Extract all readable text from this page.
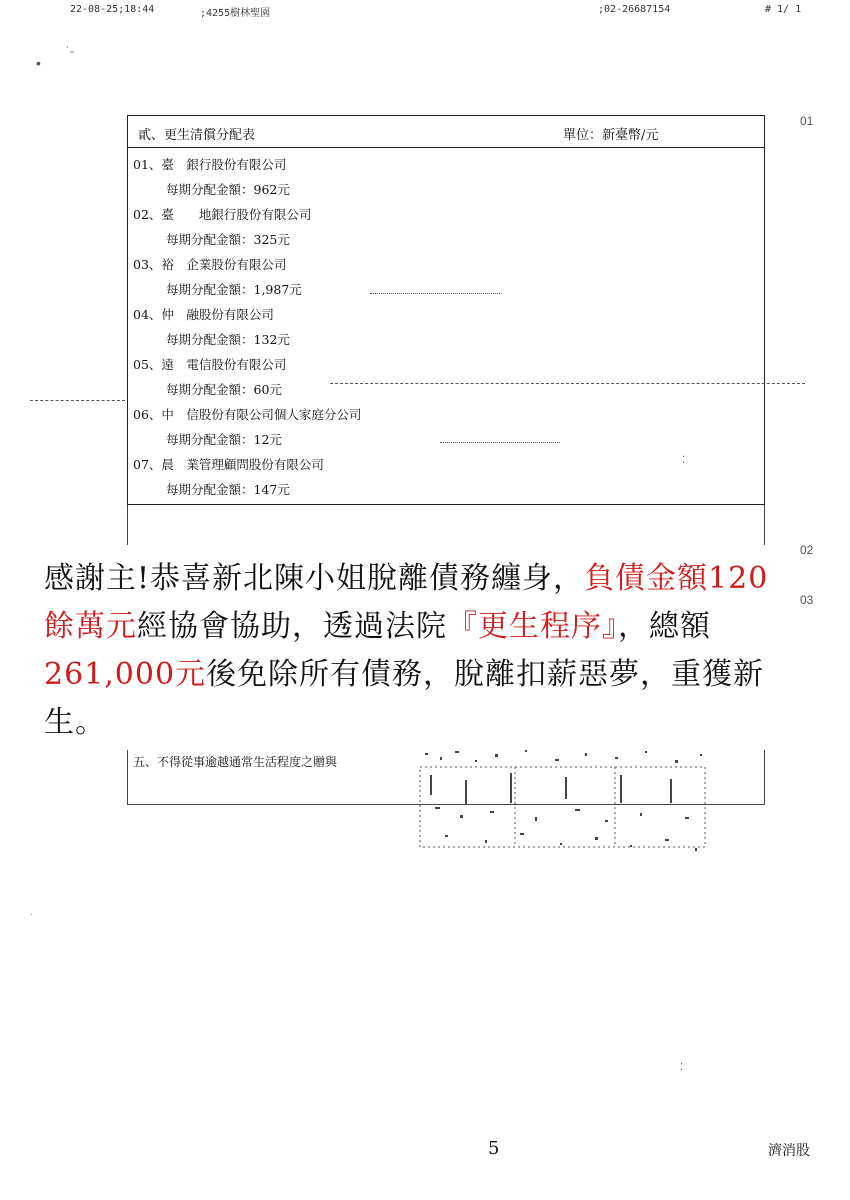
22-08-25;18:44	;4255樹林聖園	;02-26687154	# 1/ 1
•
˙‐
01
02
03
貳、更生清償分配表	單位：新臺幣/元
01、臺　銀行股份有限公司
每期分配金額：962元
02、臺　　地銀行股份有限公司
每期分配金額：325元
03、裕　企業股份有限公司
每期分配金額：1,987元
04、仲　融股份有限公司
每期分配金額：132元
05、遠　電信股份有限公司
每期分配金額：60元
06、中　信股份有限公司個人家庭分公司
每期分配金額：12元
07、晨　業管理顧問股份有限公司
每期分配金額：147元
五、不得從事逾越通常生活程度之贈與

感謝主!恭喜新北陳小姐脫離債務纏身，負債金額120餘萬元經協會協助，透過法院『更生程序』，總額261,000元後免除所有債務，脫離扣薪惡夢，重獲新生。

⁚
⁚
·
5	濟消股
